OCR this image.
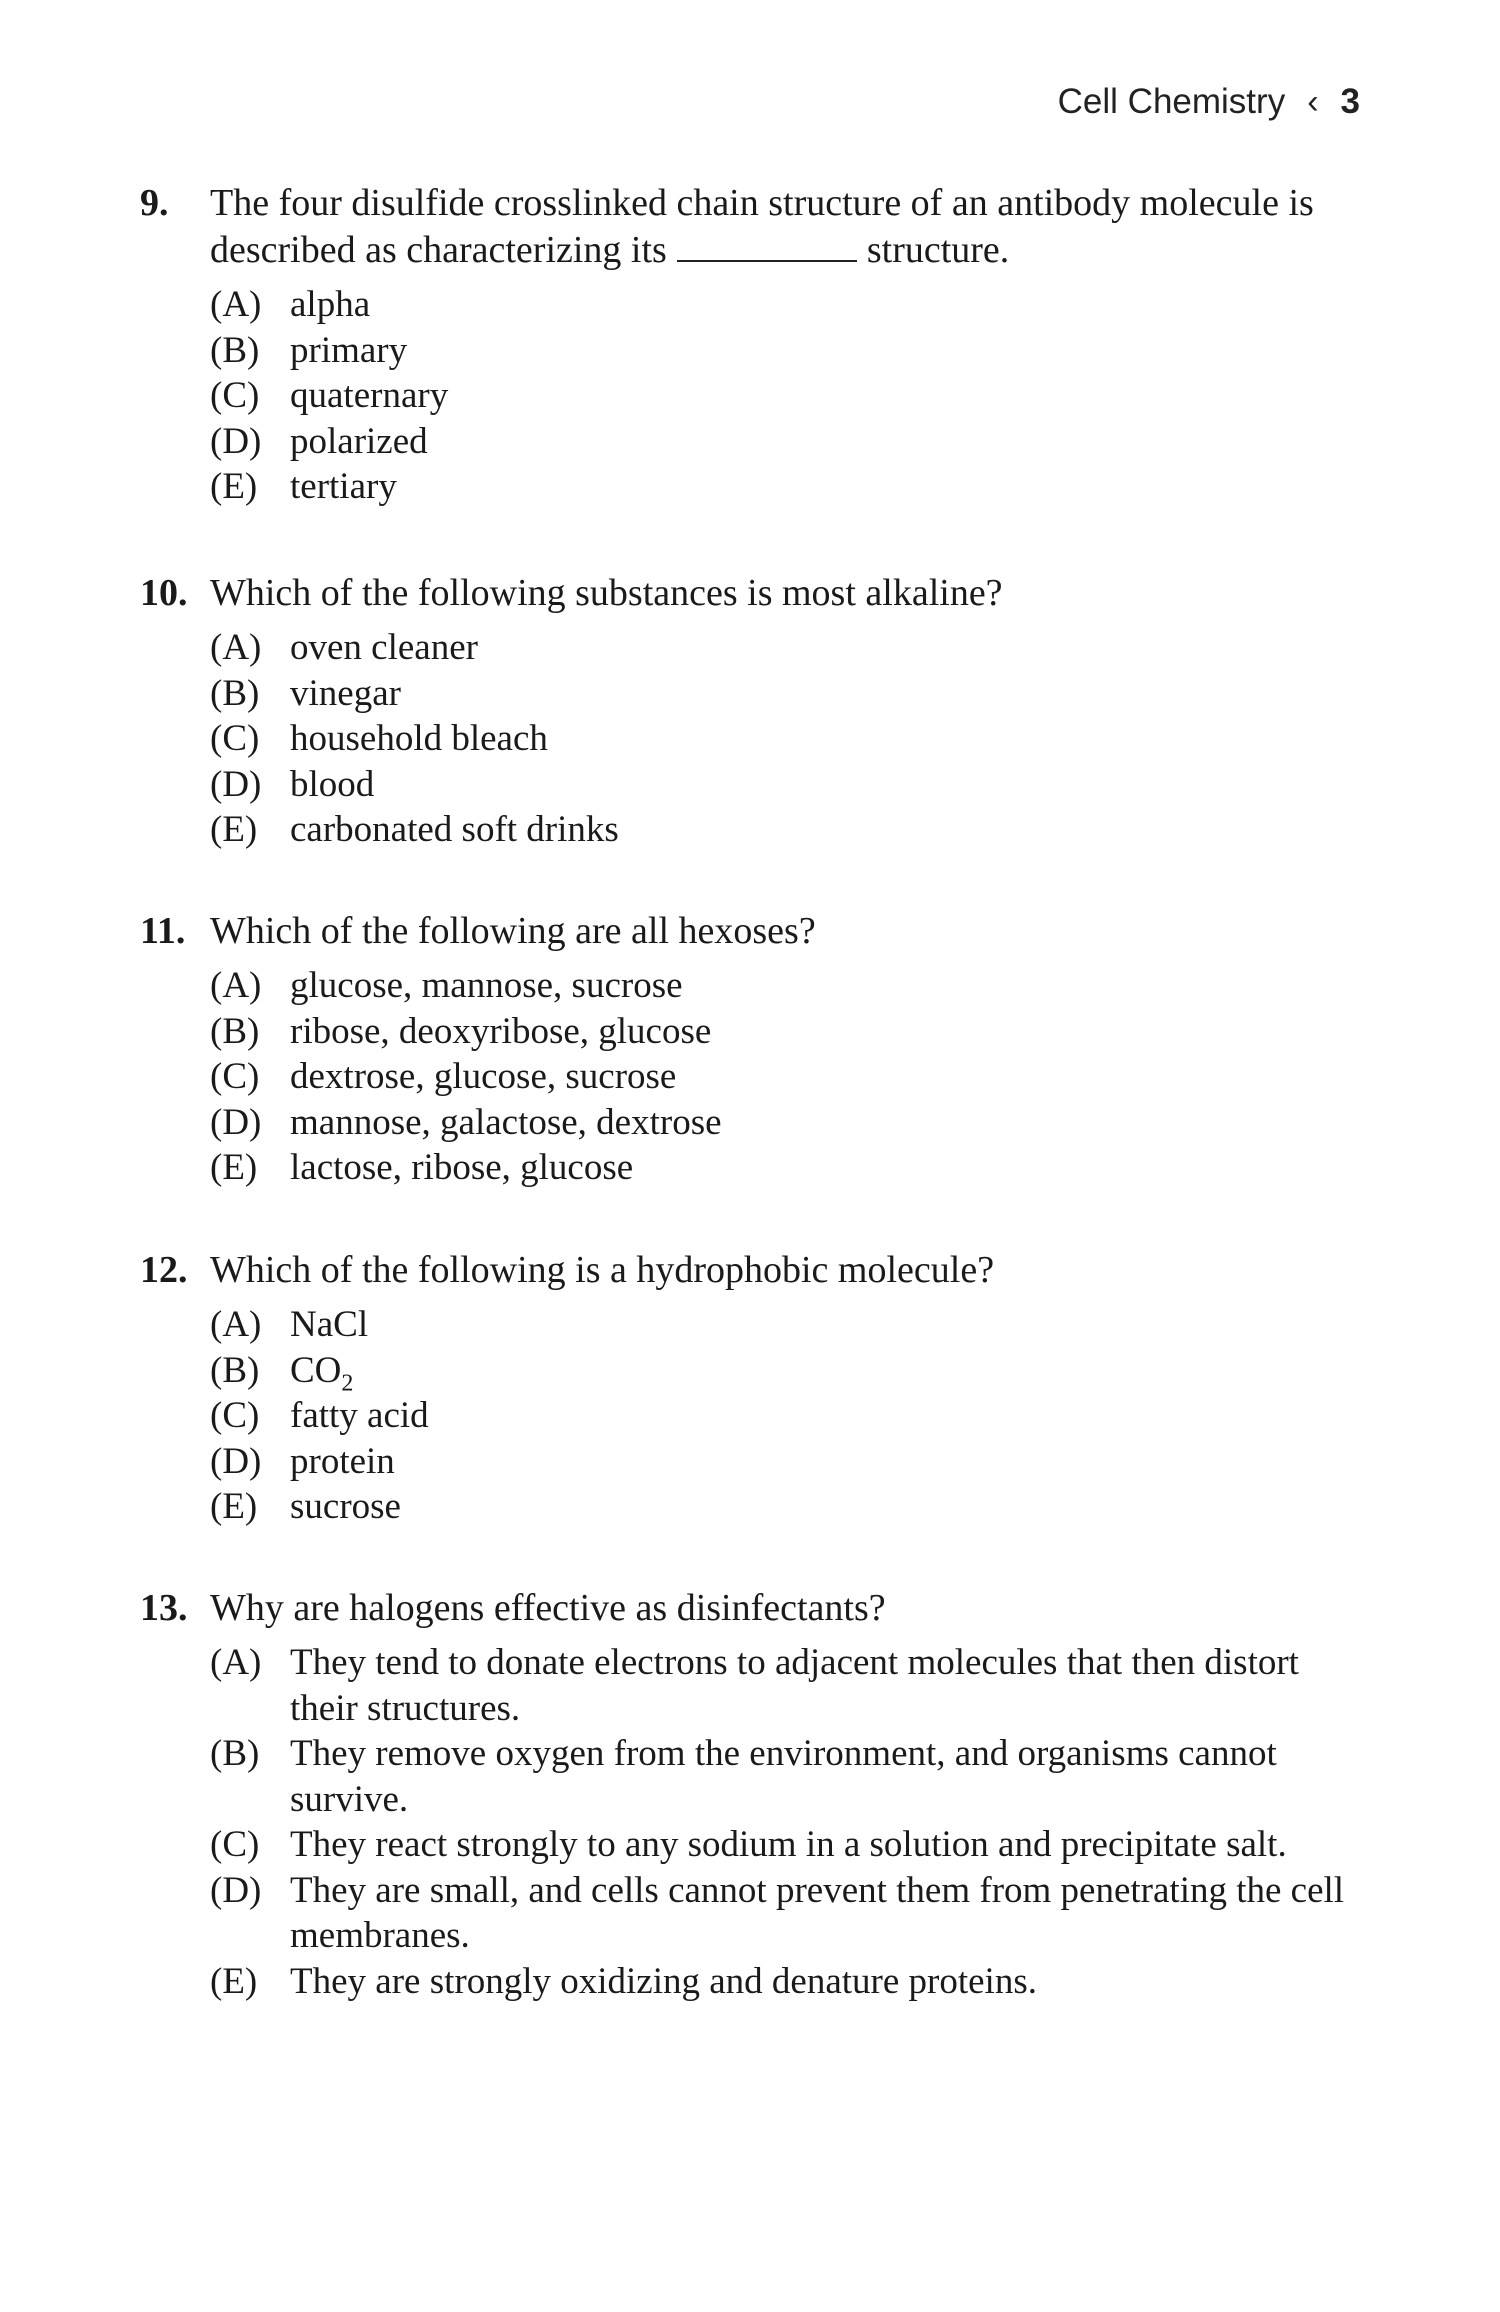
Cell Chemistry ‹ 3
9.	The four disulfide crosslinked chain structure of an antibody molecule is described as characterizing its	structure.
(A) alpha
(B) primary
(C) quaternary
(D) polarized
(E) tertiary
10. Which of the following substances is most alkaline?
(A) oven cleaner
(B) vinegar
(C) household bleach
(D) blood
(E) carbonated soft drinks
11. Which of the following are all hexoses?
(A) glucose, mannose, sucrose
(B) ribose, deoxyribose, glucose
(C) dextrose, glucose, sucrose
(D) mannose, galactose, dextrose
(E) lactose, ribose, glucose
12. Which of the following is a hydrophobic molecule?
(A) NaCl
(B) $CO_2$
(C) fatty acid
(D) protein
(E) sucrose
13. Why are halogens effective as disinfectants?
(A) They tend to donate electrons to adjacent molecules that then distort their structures.
(B) They remove oxygen from the environment, and organisms cannot survive.
(C) They react strongly to any sodium in a solution and precipitate salt.
(D) They are small, and cells cannot prevent them from penetrating the cell membranes.
(E) They are strongly oxidizing and denature proteins.
